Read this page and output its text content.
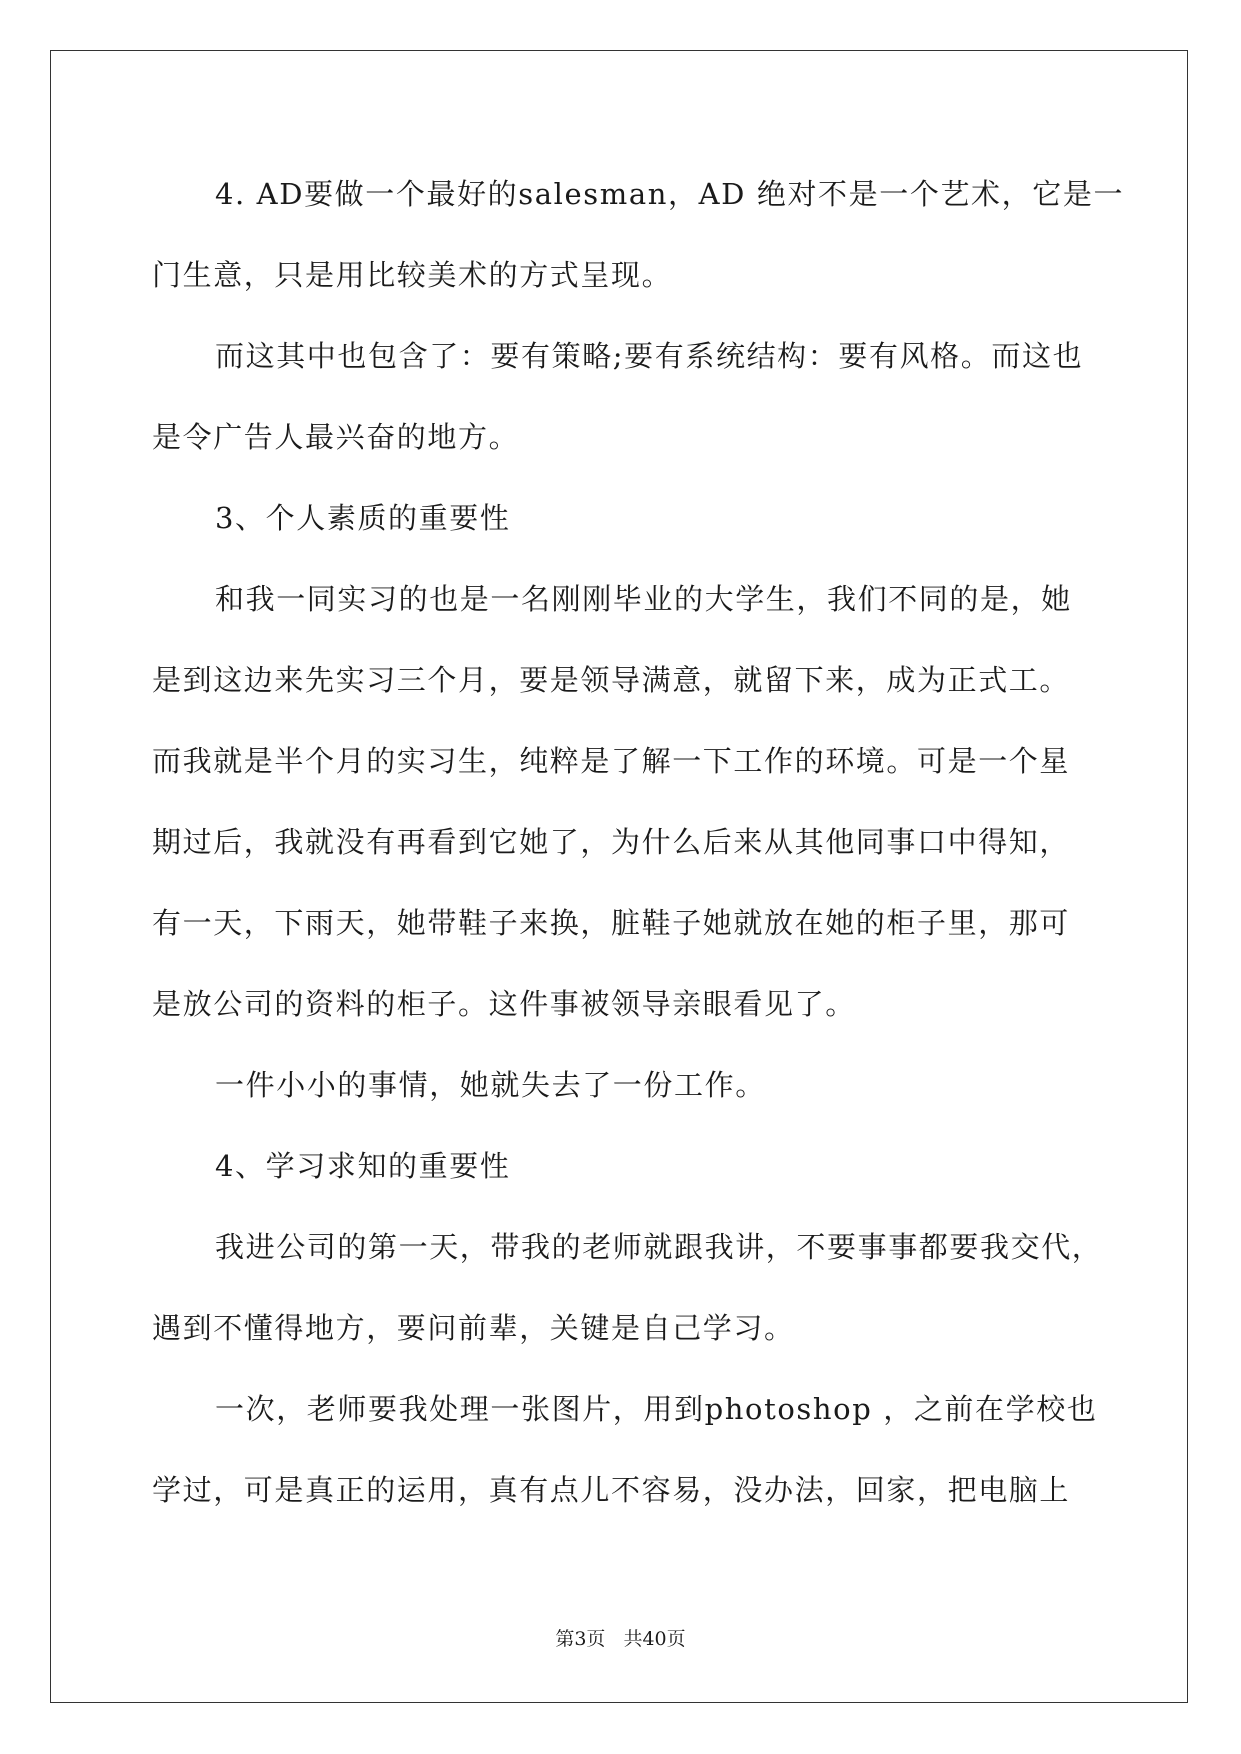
4. AD要做一个最好的salesman，AD 绝对不是一个艺术，它是一
门生意，只是用比较美术的方式呈现。
而这其中也包含了：要有策略;要有系统结构：要有风格。而这也
是令广告人最兴奋的地方。
3、个人素质的重要性
和我一同实习的也是一名刚刚毕业的大学生，我们不同的是，她
是到这边来先实习三个月，要是领导满意，就留下来，成为正式工。
而我就是半个月的实习生，纯粹是了解一下工作的环境。可是一个星
期过后，我就没有再看到它她了，为什么后来从其他同事口中得知，
有一天，下雨天，她带鞋子来换，脏鞋子她就放在她的柜子里，那可
是放公司的资料的柜子。这件事被领导亲眼看见了。
一件小小的事情，她就失去了一份工作。
4、学习求知的重要性
我进公司的第一天，带我的老师就跟我讲，不要事事都要我交代，
遇到不懂得地方，要问前辈，关键是自己学习。
一次，老师要我处理一张图片，用到photoshop ，之前在学校也
学过，可是真正的运用，真有点儿不容易，没办法，回家，把电脑上
第3页 共40页
